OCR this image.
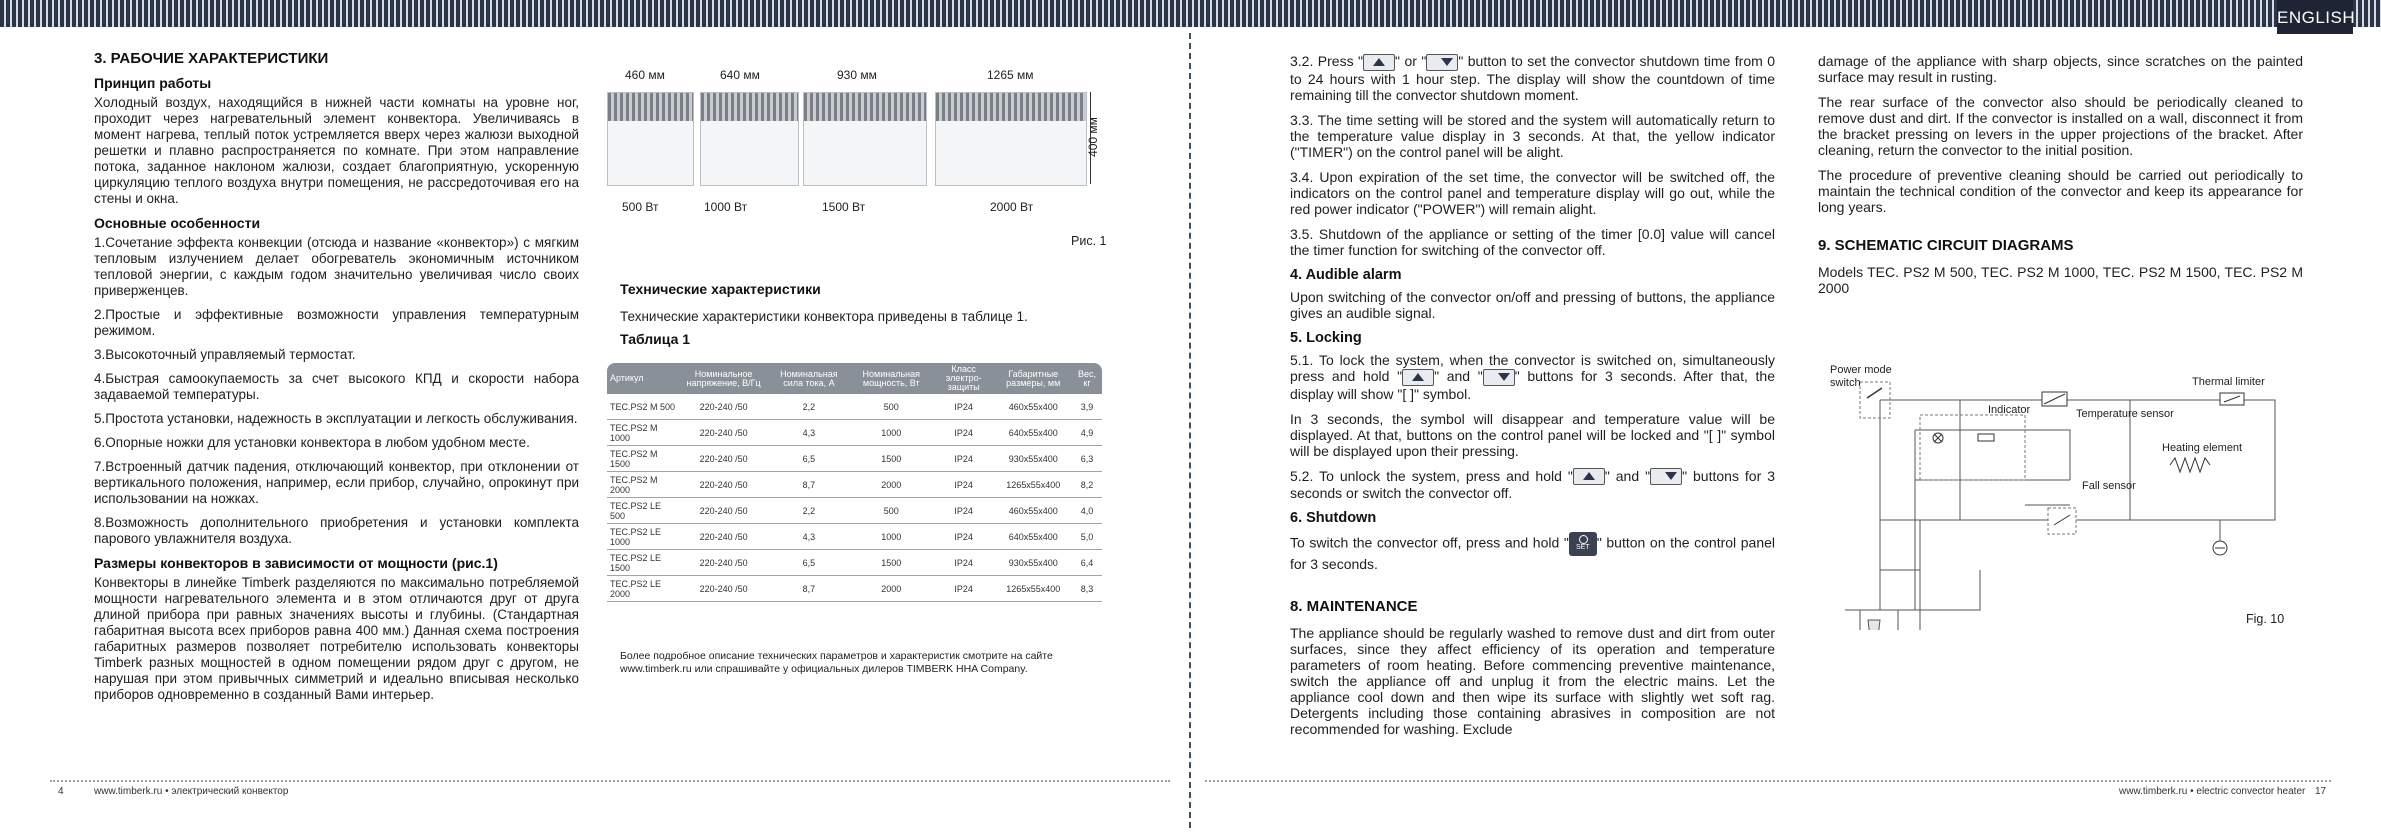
ENGLISH
3. РАБОЧИЕ ХАРАКТЕРИСТИКИ
Принцип работы

Холодный воздух, находящийся в нижней части комнаты на уровне ног, проходит через нагревательный элемент конвектора. Увеличиваясь в момент нагрева, теплый поток устремляется вверх через жалюзи выходной решетки и плавно распространяется по комнате. При этом направление потока, заданное наклоном жалюзи, создает благоприятную, ускоренную циркуляцию теплого воздуха внутри помещения, не рассредоточивая его на стены и окна.

Основные особенности

1.Сочетание эффекта конвекции (отсюда и название «конвектор») с мягким тепловым излучением делает обогреватель экономичным источником тепловой энергии, с каждым годом значительно увеличивая число своих приверженцев.

2.Простые и эффективные возможности управления температурным режимом.

3.Высокоточный управляемый термостат.

4.Быстрая самоокупаемость за счет высокого КПД и скорости набора задаваемой температуры.

5.Простота установки, надежность в эксплуатации и легкость обслуживания.

6.Опорные ножки для установки конвектора в любом удобном месте.

7.Встроенный датчик падения, отключающий конвектор, при отклонении от вертикального положения, например, если прибор, случайно, опрокинут при использовании на ножках.

8.Возможность дополнительного приобретения и установки комплекта парового увлажнителя воздуха.

Размеры конвекторов в зависимости от мощности (рис.1)

Конвекторы в линейке Timberk разделяются по максимально потребляемой мощности нагревательного элемента и в этом отличаются друг от друга длиной прибора при равных значениях высоты и глубины. (Стандартная габаритная высота всех приборов равна 400 мм.) Данная схема построения габаритных размеров позволяет потребителю использовать конвекторы Timberk разных мощностей в одном помещении рядом друг с другом, не нарушая при этом привычных симметрий и идеально вписывая несколько приборов одновременно в созданный Вами интерьер.

460 мм	640 мм	930 мм	1265 мм
400 мм
500 Вт	1000 Вт	1500 Вт	2000 Вт
Рис. 1
Технические характеристики

Технические характеристики конвектора приведены в таблице 1.

Таблица 1
Артикул	Номинальное напряжение, В/Гц	Номинальная сила тока, А	Номинальная мощность, Вт	Класс электро-защиты	Габаритные размеры, мм	Вес, кг
TEC.PS2 M 500	220-240 /50	2,2	500	IP24	460x55x400	3,9
TEC.PS2 M 1000	220-240 /50	4,3	1000	IP24	640x55x400	4,9
TEC.PS2 M 1500	220-240 /50	6,5	1500	IP24	930x55x400	6,3
TEC.PS2 M 2000	220-240 /50	8,7	2000	IP24	1265x55x400	8,2
TEC.PS2 LE 500	220-240 /50	2,2	500	IP24	460x55x400	4,0
TEC.PS2 LE 1000	220-240 /50	4,3	1000	IP24	640x55x400	5,0
TEC.PS2 LE 1500	220-240 /50	6,5	1500	IP24	930x55x400	6,4
TEC.PS2 LE 2000	220-240 /50	8,7	2000	IP24	1265x55x400	8,3
Более подробное описание технических параметров и характеристик смотрите на сайте www.timberk.ru или спрашивайте у официальных дилеров TIMBERK HHA Company.
4	www.timberk.ru • электрический конвектор

3.2. Press " " or " " button to set the convector shutdown time from 0 to 24 hours with 1 hour step. The display will show the countdown of time remaining till the convector shutdown moment.

3.3. The time setting will be stored and the system will automatically return to the temperature value display in 3 seconds. At that, the yellow indicator ("TIMER") on the control panel will be alight.

3.4. Upon expiration of the set time, the convector will be switched off, the indicators on the control panel and temperature display will go out, while the red power indicator ("POWER") will remain alight.

3.5. Shutdown of the appliance or setting of the timer [0.0] value will cancel the timer function for switching of the convector off.

4. Audible alarm

Upon switching of the convector on/off and pressing of buttons, the appliance gives an audible signal.

5. Locking

5.1. To lock the system, when the convector is switched on, simultaneously press and hold " " and " " buttons for 3 seconds. After that, the display will show "[ ]" symbol.

In 3 seconds, the symbol will disappear and temperature value will be displayed. At that, buttons on the control panel will be locked and "[ ]" symbol will be displayed upon their pressing.

5.2. To unlock the system, press and hold " " and " " buttons for 3 seconds or switch the convector off.

6. Shutdown

To switch the convector off, press and hold " SET " button on the control panel for 3 seconds.

8. MAINTENANCE

The appliance should be regularly washed to remove dust and dirt from outer surfaces, since they affect efficiency of its operation and temperature parameters of room heating. Before commencing preventive maintenance, switch the appliance off and unplug it from the electric mains. Let the appliance cool down and then wipe its surface with slightly wet soft rag. Detergents including those containing abrasives in composition are not recommended for washing. Exclude

damage of the appliance with sharp objects, since scratches on the painted surface may result in rusting.

The rear surface of the convector also should be periodically cleaned to remove dust and dirt. If the convector is installed on a wall, disconnect it from the bracket pressing on levers in the upper projections of the bracket. After cleaning, return the convector to the initial position.

The procedure of preventive cleaning should be carried out periodically to maintain the technical condition of the convector and keep its appearance for long years.

9. SCHEMATIC CIRCUIT DIAGRAMS

Models TEC. PS2 M 500, TEC. PS2 M 1000, TEC. PS2 M 1500, TEC. PS2 M 2000

Power mode switch
Indicator
Thermal limiter
Temperature sensor
Heating element
Fall sensor
Fig. 10
www.timberk.ru • electric convector heater 17
